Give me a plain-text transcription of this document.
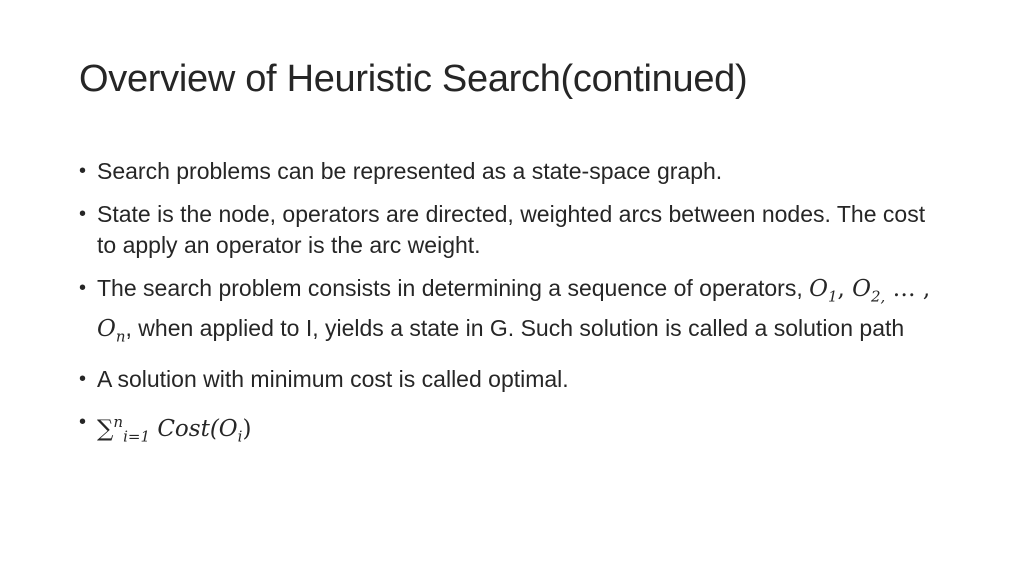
Overview of Heuristic Search(continued)
• Search problems can be represented as a state-space graph.
• State is the node, operators are directed, weighted arcs between nodes. The cost to apply an operator is the arc weight.
• The search problem consists in determining a sequence of operators, $O_1$, $O_{2,}$ … , $O_n$, when applied to I, yields a state in G. Such solution is called a solution path
• A solution with minimum cost is called optimal.
• ∑$^n_{i=1}$ $Cost(O_i)$
